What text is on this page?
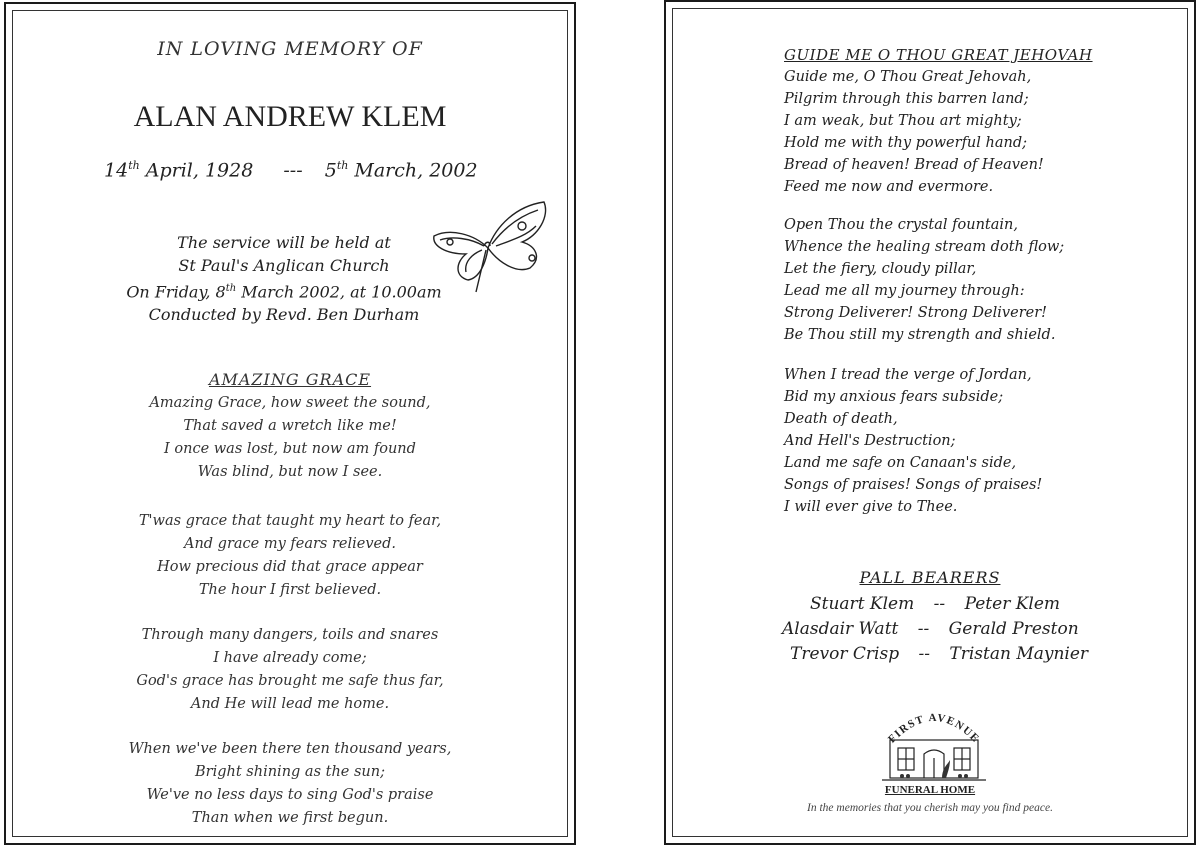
IN LOVING MEMORY OF
ALAN ANDREW KLEM
14th April, 1928 --- 5th March, 2002
The service will be held at
St Paul's Anglican Church
On Friday, 8th March 2002, at 10.00am
Conducted by Revd. Ben Durham
AMAZING GRACE
Amazing Grace, how sweet the sound,
That saved a wretch like me!
I once was lost, but now am found
Was blind, but now I see.
T'was grace that taught my heart to fear,
And grace my fears relieved.
How precious did that grace appear
The hour I first believed.
Through many dangers, toils and snares
I have already come;
God's grace has brought me safe thus far,
And He will lead me home.
When we've been there ten thousand years,
Bright shining as the sun;
We've no less days to sing God's praise
Than when we first begun.
GUIDE ME O THOU GREAT JEHOVAH
Guide me, O Thou Great Jehovah,
Pilgrim through this barren land;
I am weak, but Thou art mighty;
Hold me with thy powerful hand;
Bread of heaven! Bread of Heaven!
Feed me now and evermore.
Open Thou the crystal fountain,
Whence the healing stream doth flow;
Let the fiery, cloudy pillar,
Lead me all my journey through:
Strong Deliverer! Strong Deliverer!
Be Thou still my strength and shield.
When I tread the verge of Jordan,
Bid my anxious fears subside;
Death of death,
And Hell's Destruction;
Land me safe on Canaan's side,
Songs of praises! Songs of praises!
I will ever give to Thee.
PALL BEARERS
Stuart Klem -- Peter Klem
Alasdair Watt -- Gerald Preston
Trevor Crisp -- Tristan Maynier
FIRST AVENUE
FUNERAL HOME
In the memories that you cherish may you find peace.
